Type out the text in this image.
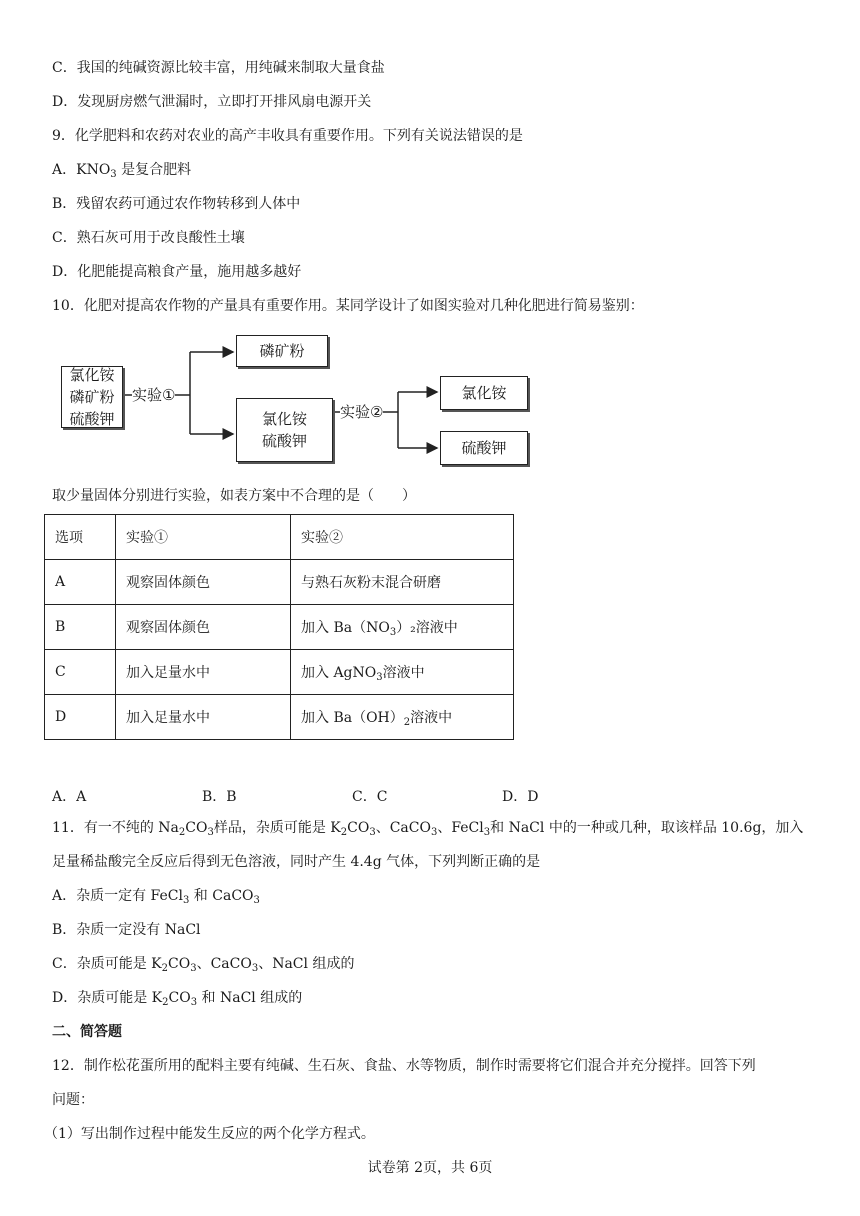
C．我国的纯碱资源比较丰富，用纯碱来制取大量食盐
D．发现厨房燃气泄漏时，立即打开排风扇电源开关
9．化学肥料和农药对农业的高产丰收具有重要作用。下列有关说法错误的是
A．$KNO_3$ 是复合肥料
B．残留农药可通过农作物转移到人体中
C．熟石灰可用于改良酸性土壤
D．化肥能提高粮食产量，施用越多越好
10．化肥对提高农作物的产量具有重要作用。某同学设计了如图实验对几种化肥进行简易鉴别：
氯化铵
磷矿粉
硫酸钾
实验①
磷矿粉
氯化铵
硫酸钾
实验②
氯化铵
硫酸钾
取少量固体分别进行实验，如表方案中不合理的是（　　）
选项	实验①	实验②
A	观察固体颜色	与熟石灰粉末混合研磨
B	观察固体颜色	加入 $Ba(NO_3)_2$溶液中
C	加入足量水中	加入 AgNO$_3$溶液中
D	加入足量水中	加入 $Ba(OH)_2$溶液中
A．A	B．B	C．C	D．D
11．有一不纯的 $Na_2CO_3$样品，杂质可能是 $K_2CO_3$、CaCO$_3$、FeCl$_3$和 NaCl 中的一种或几种，取该样品 10.6g，加入
足量稀盐酸完全反应后得到无色溶液，同时产生 4.4g 气体，下列判断正确的是
A．杂质一定有 FeCl$_3$ 和 CaCO$_3$
B．杂质一定没有 NaCl
C．杂质可能是 $K_2CO_3$、CaCO$_3$、NaCl 组成的
D．杂质可能是 $K_2CO_3$ 和 NaCl 组成的
二、简答题
12．制作松花蛋所用的配料主要有纯碱、生石灰、食盐、水等物质，制作时需要将它们混合并充分搅拌。回答下列
问题：
（1）写出制作过程中能发生反应的两个化学方程式。
试卷第 2页，共 6页
